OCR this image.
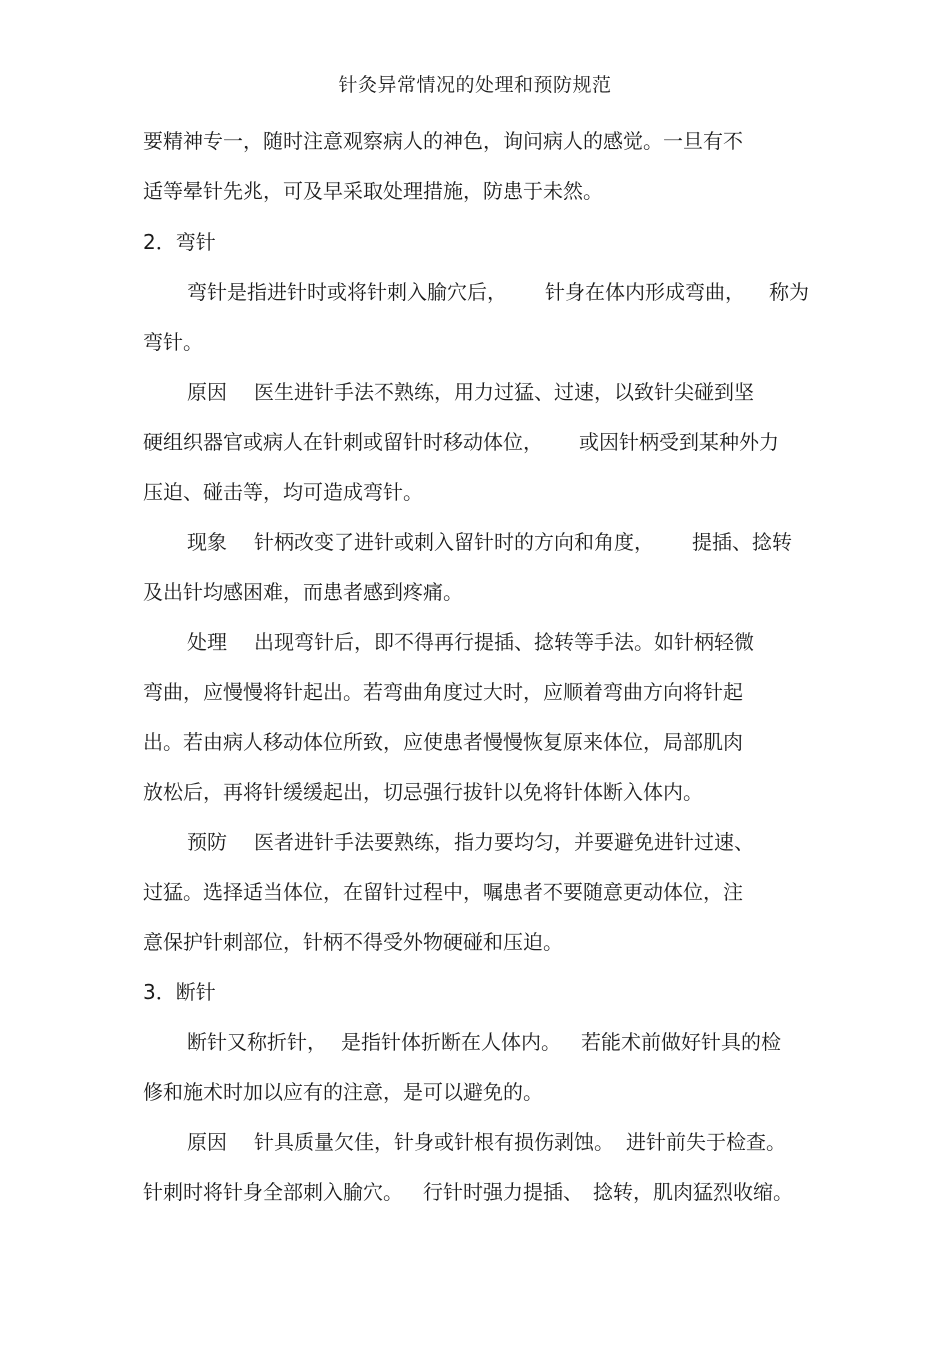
针灸异常情况的处理和预防规范
要精神专一，随时注意观察病人的神色，询问病人的感觉。一旦有不
适等晕针先兆，可及早采取处理措施，防患于未然。
2．弯针
弯针是指进针时或将针刺入腧穴后， 针身在体内形成弯曲， 称为
弯针。
原因 医生进针手法不熟练，用力过猛、过速，以致针尖碰到坚
硬组织器官或病人在针刺或留针时移动体位， 或因针柄受到某种外力
压迫、碰击等，均可造成弯针。
现象 针柄改变了进针或刺入留针时的方向和角度， 提插、捻转
及出针均感困难，而患者感到疼痛。
处理 出现弯针后，即不得再行提插、捻转等手法。如针柄轻微
弯曲，应慢慢将针起出。若弯曲角度过大时，应顺着弯曲方向将针起
出。若由病人移动体位所致，应使患者慢慢恢复原来体位，局部肌肉
放松后，再将针缓缓起出，切忌强行拔针以免将针体断入体内。
预防 医者进针手法要熟练，指力要均匀，并要避免进针过速、
过猛。选择适当体位，在留针过程中，嘱患者不要随意更动体位，注
意保护针刺部位，针柄不得受外物硬碰和压迫。
3．断针
断针又称折针， 是指针体折断在人体内。 若能术前做好针具的检
修和施术时加以应有的注意，是可以避免的。
原因 针具质量欠佳，针身或针根有损伤剥蚀。 进针前失于检查。
针刺时将针身全部刺入腧穴。 行针时强力提插、 捻转，肌肉猛烈收缩。
